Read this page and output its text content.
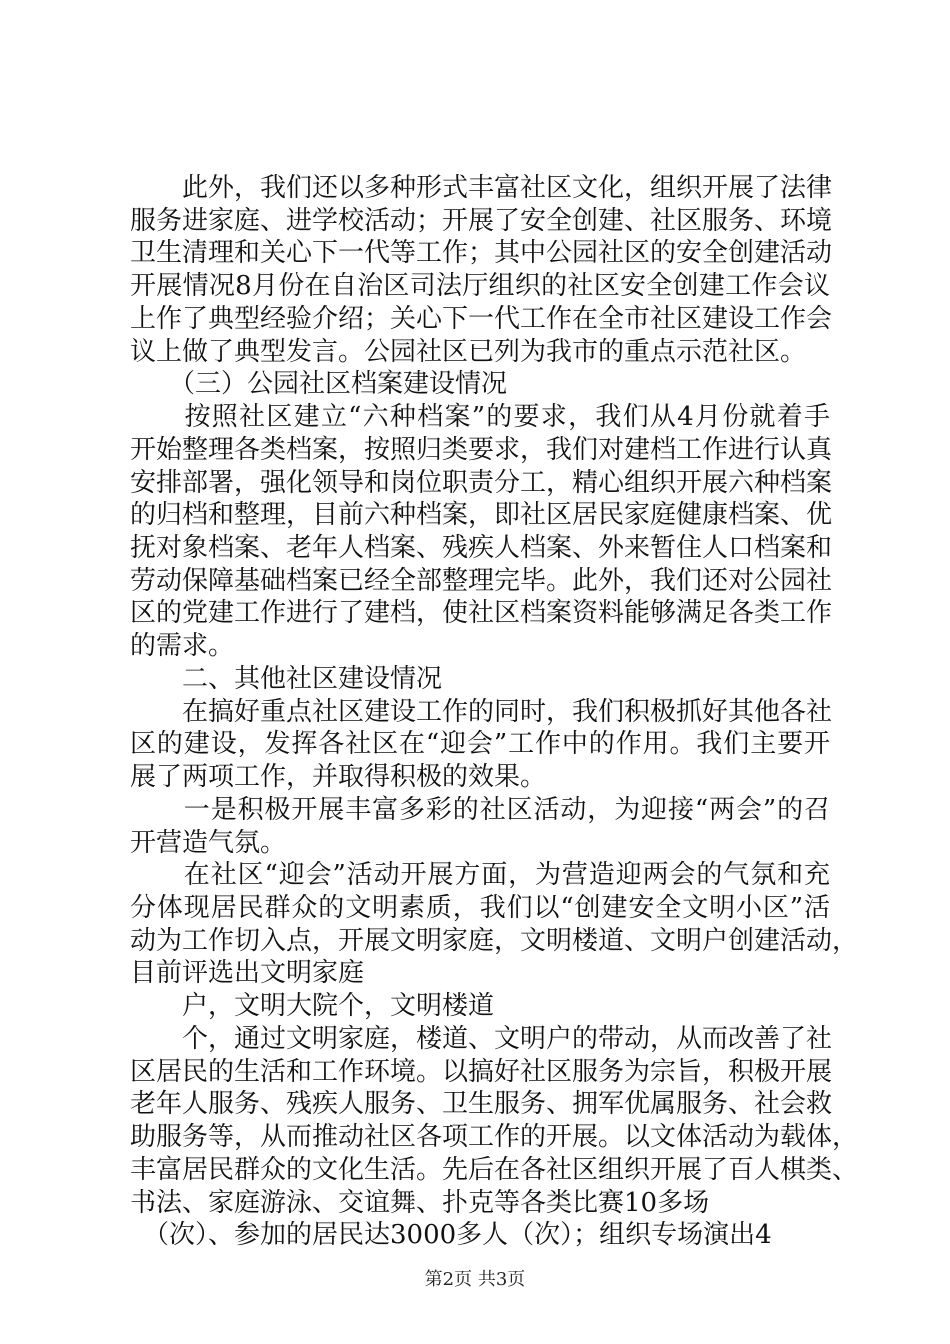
　　此外，我们还以多种形式丰富社区文化，组织开展了法律
服务进家庭、进学校活动；开展了安全创建、社区服务、环境
卫生清理和关心下一代等工作；其中公园社区的安全创建活动
开展情况8月份在自治区司法厅组织的社区安全创建工作会议
上作了典型经验介绍；关心下一代工作在全市社区建设工作会
议上做了典型发言。公园社区已列为我市的重点示范社区。
　　（三）公园社区档案建设情况
　　按照社区建立“六种档案”的要求，我们从4月份就着手
开始整理各类档案，按照归类要求，我们对建档工作进行认真
安排部署，强化领导和岗位职责分工，精心组织开展六种档案
的归档和整理，目前六种档案，即社区居民家庭健康档案、优
抚对象档案、老年人档案、残疾人档案、外来暂住人口档案和
劳动保障基础档案已经全部整理完毕。此外，我们还对公园社
区的党建工作进行了建档，使社区档案资料能够满足各类工作
的需求。
　　二、其他社区建设情况
　　在搞好重点社区建设工作的同时，我们积极抓好其他各社
区的建设，发挥各社区在“迎会”工作中的作用。我们主要开
展了两项工作，并取得积极的效果。
　　一是积极开展丰富多彩的社区活动，为迎接“两会”的召
开营造气氛。
　　在社区“迎会”活动开展方面，为营造迎两会的气氛和充
分体现居民群众的文明素质，我们以“创建安全文明小区”活
动为工作切入点，开展文明家庭，文明楼道、文明户创建活动，
目前评选出文明家庭
　　户，文明大院个，文明楼道
　　个，通过文明家庭，楼道、文明户的带动，从而改善了社
区居民的生活和工作环境。以搞好社区服务为宗旨，积极开展
老年人服务、残疾人服务、卫生服务、拥军优属服务、社会救
助服务等，从而推动社区各项工作的开展。以文体活动为载体，
丰富居民群众的文化生活。先后在各社区组织开展了百人棋类、
书法、家庭游泳、交谊舞、扑克等各类比赛10多场
　（次）、参加的居民达3000多人（次）；组织专场演出4
第2页 共3页
